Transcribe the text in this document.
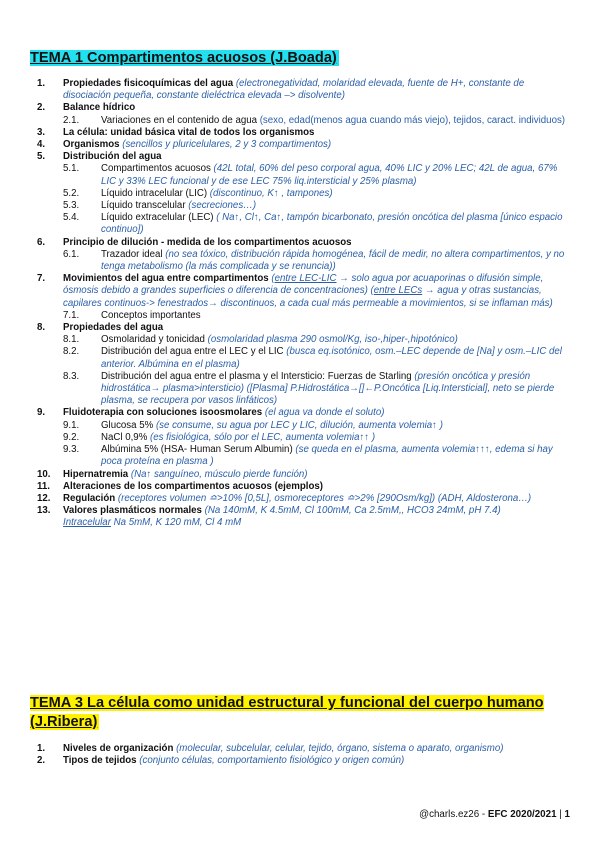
TEMA 1 Compartimentos acuosos (J.Boada)
1. Propiedades fisicoquímicas del agua (electronegatividad, molaridad elevada, fuente de H+, constante de disociación pequeña, constante dieléctrica elevada –> disolvente)
2. Balance hídrico
2.1. Variaciones en el contenido de agua (sexo, edad(menos agua cuando más viejo), tejidos, caract. individuos)
3. La célula: unidad básica vital de todos los organismos
4. Organismos (sencillos y pluricelulares, 2 y 3 compartimentos)
5. Distribución del agua
5.1. Compartimentos acuosos (42L total, 60% del peso corporal agua, 40% LIC y 20% LEC; 42L de agua, 67% LIC y 33% LEC funcional y de ese LEC 75% liq.intersticial y 25% plasma)
5.2. Líquido intracelular (LIC) (discontinuo, K↑ , tampones)
5.3. Líquido transcelular (secreciones…)
5.4. Líquido extracelular (LEC) ( Na↑, Cl↑, Ca↑, tampón bicarbonato, presión oncótica del plasma [único espacio continuo])
6. Principio de dilución - medida de los compartimentos acuosos
6.1. Trazador ideal (no sea tóxico, distribución rápida homogénea, fácil de medir, no altera compartimentos, y no tenga metabolismo (la más complicada y se renuncia))
7. Movimientos del agua entre compartimentos (entre LEC-LIC → solo agua por acuaporinas o difusión simple, ósmosis debido a grandes superficies o diferencia de concentraciones) (entre LECs → agua y otras sustancias, capilares continuos-> fenestrados→ discontinuos, a cada cual más permeable a movimientos, si se inflaman más)
7.1. Conceptos importantes
8. Propiedades del agua
8.1. Osmolaridad y tonicidad (osmolaridad plasma 290 osmol/Kg, iso-,hiper-,hipotónico)
8.2. Distribución del agua entre el LEC y el LIC (busca eq.isotónico, osm.–LEC depende de [Na] y osm.–LIC del anterior. Albúmina en el plasma)
8.3. Distribución del agua entre el plasma y el Intersticio: Fuerzas de Starling (presión oncótica y presión hidrostática→ plasma>intersticio) ([Plasma] P.Hidrostática→[]←P.Oncótica [Liq.Intersticial], neto se pierde plasma, se recupera por vasos linfáticos)
9. Fluidoterapia con soluciones isoosmolares (el agua va donde el soluto)
9.1. Glucosa 5% (se consume, su agua por LEC y LIC, dilución, aumenta volemia↑ )
9.2. NaCl 0,9% (es fisiológica, sólo por el LEC, aumenta volemia↑↑ )
9.3. Albúmina 5% (HSA- Human Serum Albumin) (se queda en el plasma, aumenta volemia↑↑↑, edema si hay poca proteína en plasma )
10. Hipernatremia (Na↑ sanguíneo, músculo pierde función)
11. Alteraciones de los compartimentos acuosos (ejemplos)
12. Regulación (receptores volumen ≏>10% [0,5L], osmoreceptores ≏>2% [290Osm/kg]) (ADH, Aldosterona…)
13. Valores plasmáticos normales (Na 140mM, K 4.5mM, Cl 100mM, Ca 2.5mM,, HCO3 24mM, pH 7.4)
Intracelular Na 5mM, K 120 mM, Cl 4 mM
TEMA 3 La célula como unidad estructural y funcional del cuerpo humano (J.Ribera)
1. Niveles de organización (molecular, subcelular, celular, tejido, órgano, sistema o aparato, organismo)
2. Tipos de tejidos (conjunto células, comportamiento fisiológico y origen común)
@charls.ez26 - EFC 2020/2021 | 1
